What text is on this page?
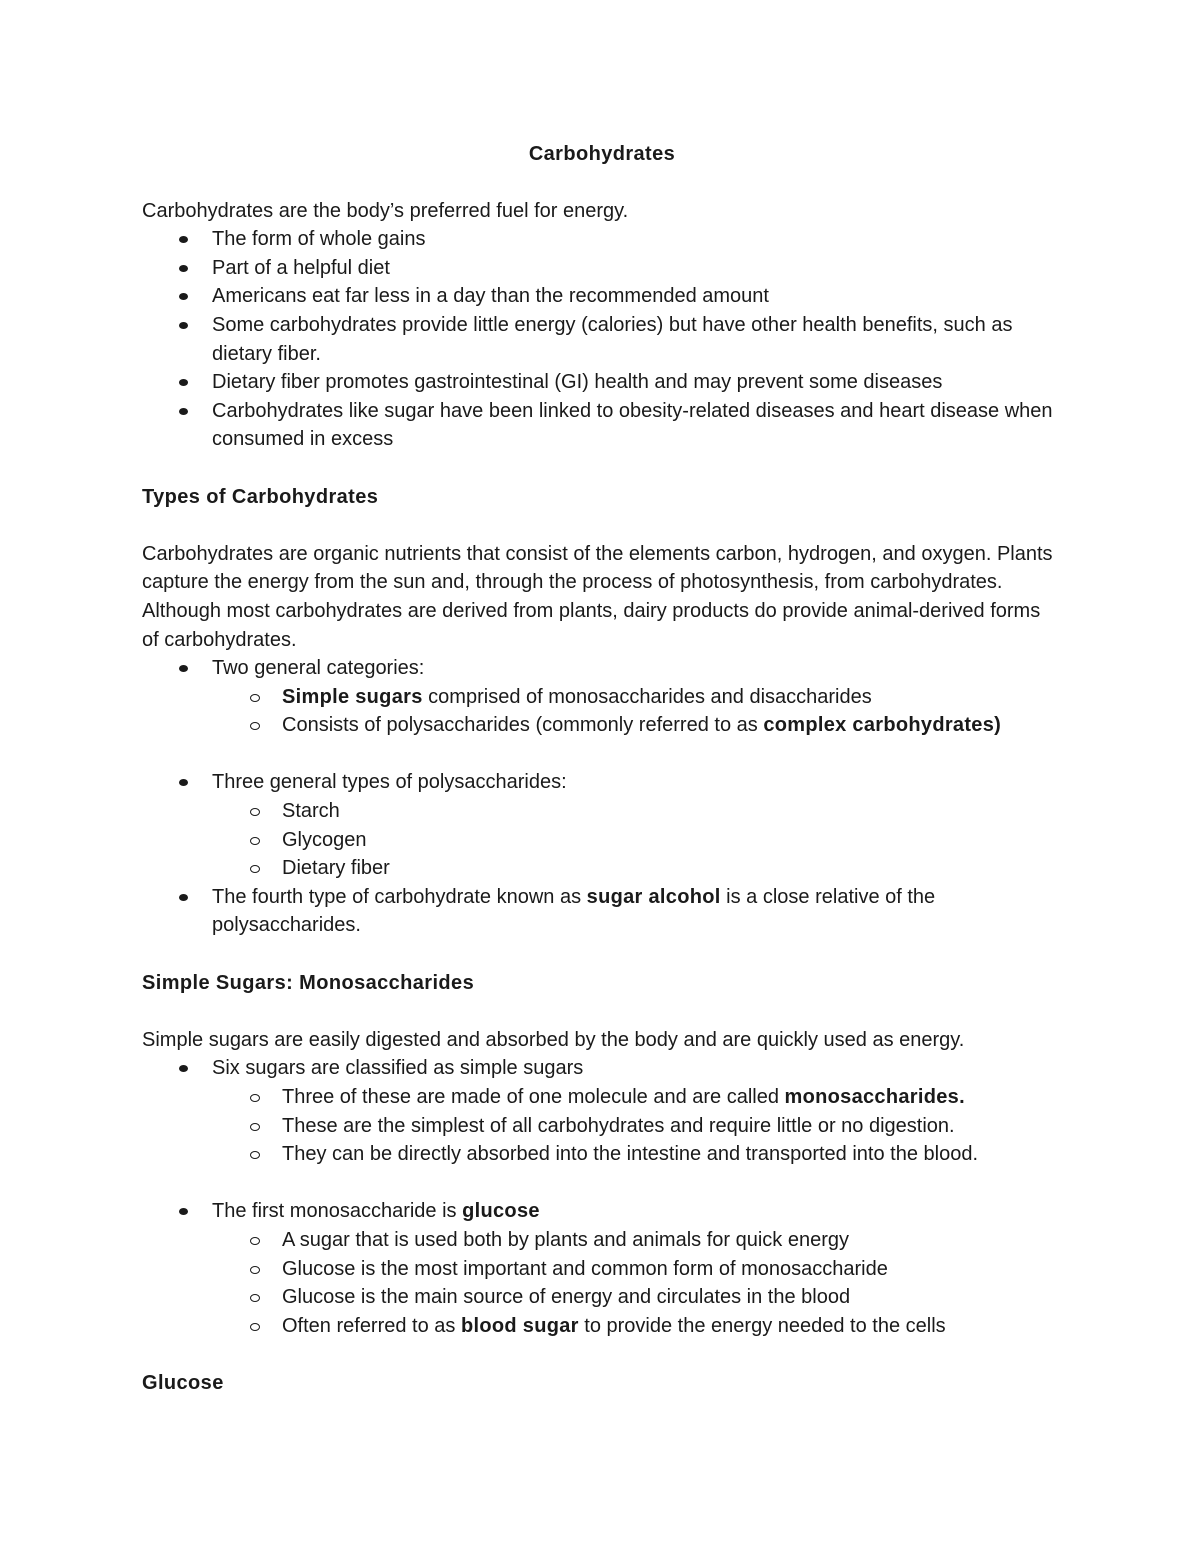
Carbohydrates

Carbohydrates are the body’s preferred fuel for energy.

The form of whole gains
Part of a helpful diet
Americans eat far less in a day than the recommended amount
Some carbohydrates provide little energy (calories) but have other health benefits, such as dietary fiber.
Dietary fiber promotes gastrointestinal (GI) health and may prevent some diseases
Carbohydrates like sugar have been linked to obesity-related diseases and heart disease when consumed in excess
Types of Carbohydrates

Carbohydrates are organic nutrients that consist of the elements carbon, hydrogen, and oxygen. Plants capture the energy from the sun and, through the process of photosynthesis, from carbohydrates. Although most carbohydrates are derived from plants, dairy products do provide animal-derived forms of carbohydrates.

Two general categories:
Simple sugars comprised of monosaccharides and disaccharides
Consists of polysaccharides (commonly referred to as complex carbohydrates)
Three general types of polysaccharides:
Starch
Glycogen
Dietary fiber
The fourth type of carbohydrate known as sugar alcohol is a close relative of the polysaccharides.
Simple Sugars: Monosaccharides

Simple sugars are easily digested and absorbed by the body and are quickly used as energy.

Six sugars are classified as simple sugars
Three of these are made of one molecule and are called monosaccharides.
These are the simplest of all carbohydrates and require little or no digestion.
They can be directly absorbed into the intestine and transported into the blood.
The first monosaccharide is glucose
A sugar that is used both by plants and animals for quick energy
Glucose is the most important and common form of monosaccharide
Glucose is the main source of energy and circulates in the blood
Often referred to as blood sugar to provide the energy needed to the cells
Glucose
